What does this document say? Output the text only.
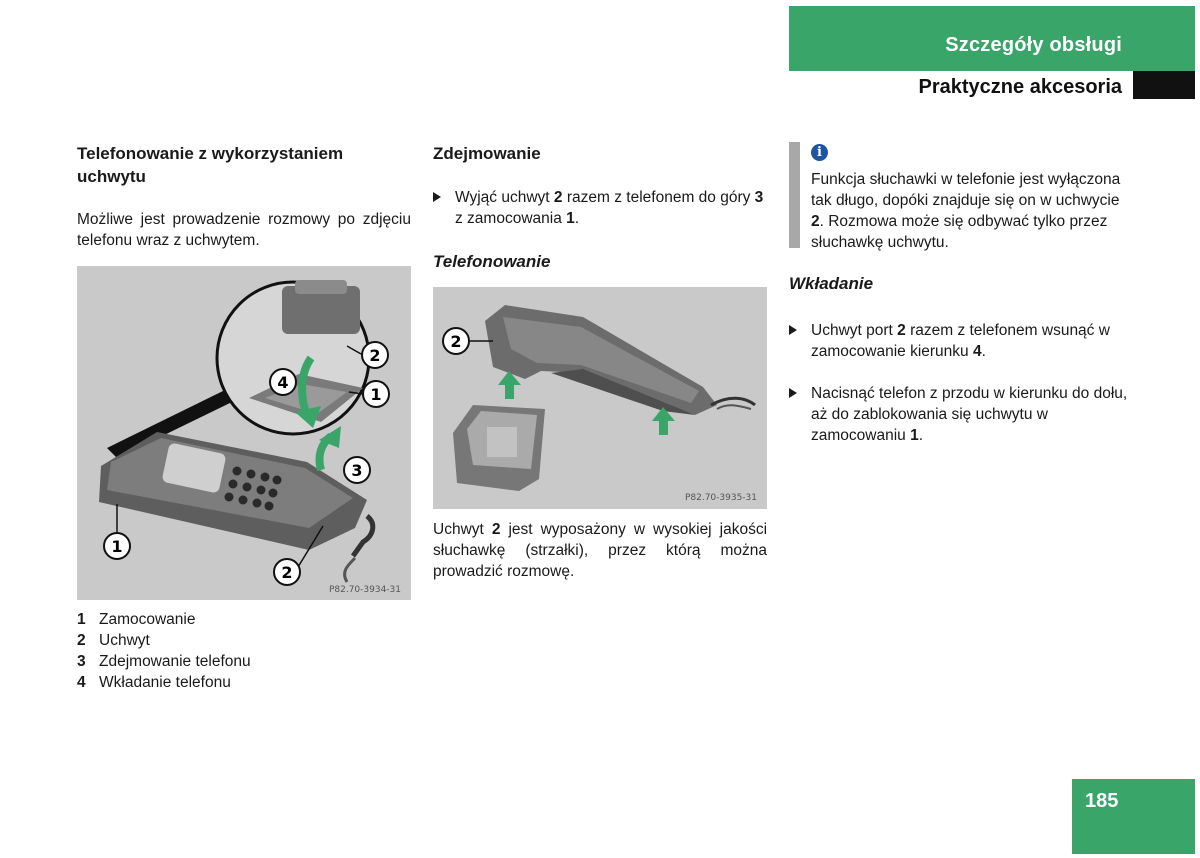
Szczegóły obsługi
Praktyczne akcesoria
Telefonowanie z wykorzystaniem uchwytu
Możliwe jest prowadzenie rozmowy po zdjęciu telefonu wraz z uchwytem.
2
4
1
1
3
2
P82.70-3934-31
1 Zamocowanie
2 Uchwyt
3 Zdejmowanie telefonu
4 Wkładanie telefonu
Zdejmowanie
Wyjąć uchwyt 2 razem z telefonem do góry 3 z zamocowania 1.
Telefonowanie
2
P82.70-3935-31
Uchwyt 2 jest wyposażony w wysokiej jakości słuchawkę (strzałki), przez którą można prowadzić rozmowę.
i
Funkcja słuchawki w telefonie jest wyłączona tak długo, dopóki znajduje się on w uchwycie 2. Rozmowa może się odbywać tylko przez słuchawkę uchwytu.
Wkładanie
Uchwyt port 2 razem z telefonem wsunąć w zamocowanie kierunku 4.
Nacisnąć telefon z przodu w kierunku do dołu, aż do zablokowania się uchwytu w zamocowaniu 1.
185
